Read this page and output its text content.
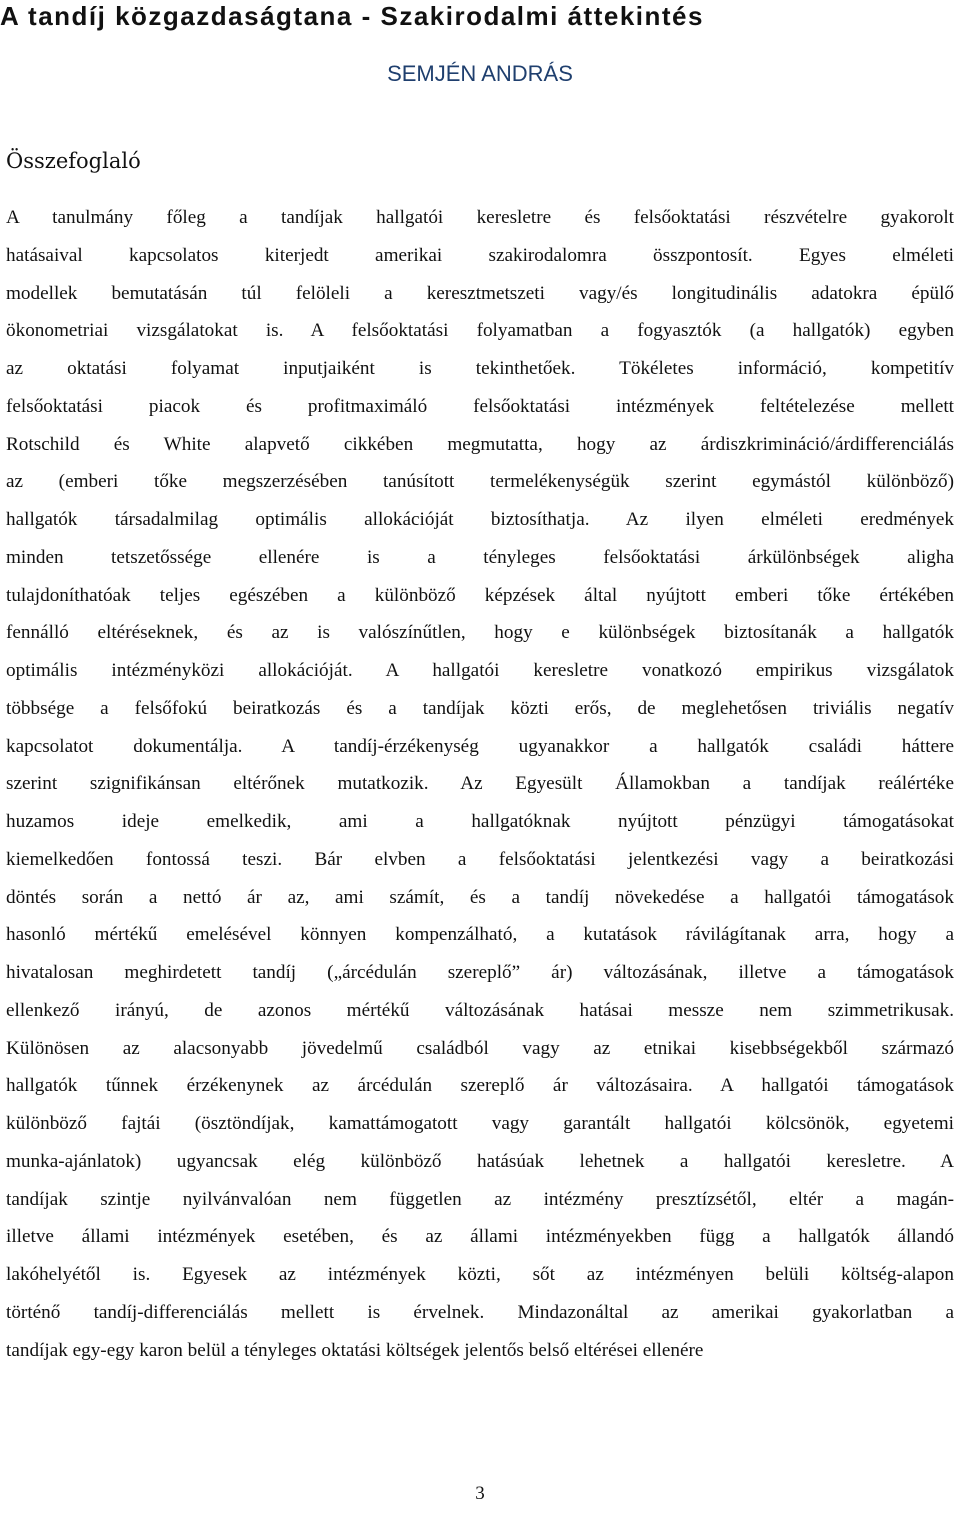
A tandíj közgazdaságtana - Szakirodalmi áttekintés
SEMJÉN ANDRÁS
Összefoglaló
A tanulmány főleg a tandíjak hallgatói keresletre és felsőoktatási részvételre gyakorolt
hatásaival kapcsolatos kiterjedt amerikai szakirodalomra összpontosít. Egyes elméleti
modellek bemutatásán túl felöleli a keresztmetszeti vagy/és longitudinális adatokra épülő
ökonometriai vizsgálatokat is. A felsőoktatási folyamatban a fogyasztók (a hallgatók) egyben
az oktatási folyamat inputjaiként is tekinthetőek. Tökéletes információ, kompetitív
felsőoktatási piacok és profitmaximáló felsőoktatási intézmények feltételezése mellett
Rotschild és White alapvető cikkében megmutatta, hogy az árdiszkrimináció/árdifferenciálás
az (emberi tőke megszerzésében tanúsított termelékenységük szerint egymástól különböző)
hallgatók társadalmilag optimális allokációját biztosíthatja. Az ilyen elméleti eredmények
minden tetszetőssége ellenére is a tényleges felsőoktatási árkülönbségek aligha
tulajdoníthatóak teljes egészében a különböző képzések által nyújtott emberi tőke értékében
fennálló eltéréseknek, és az is valószínűtlen, hogy e különbségek biztosítanák a hallgatók
optimális intézményközi allokációját. A hallgatói keresletre vonatkozó empirikus vizsgálatok
többsége a felsőfokú beiratkozás és a tandíjak közti erős, de meglehetősen triviális negatív
kapcsolatot dokumentálja. A tandíj-érzékenység ugyanakkor a hallgatók családi háttere
szerint szignifikánsan eltérőnek mutatkozik. Az Egyesült Államokban a tandíjak reálértéke
huzamos ideje emelkedik, ami a hallgatóknak nyújtott pénzügyi támogatásokat
kiemelkedően fontossá teszi. Bár elvben a felsőoktatási jelentkezési vagy a beiratkozási
döntés során a nettó ár az, ami számít, és a tandíj növekedése a hallgatói támogatások
hasonló mértékű emelésével könnyen kompenzálható, a kutatások rávilágítanak arra, hogy a
hivatalosan meghirdetett tandíj („árcédulán szereplő” ár) változásának, illetve a támogatások
ellenkező irányú, de azonos mértékű változásának hatásai messze nem szimmetrikusak.
Különösen az alacsonyabb jövedelmű családból vagy az etnikai kisebbségekből származó
hallgatók tűnnek érzékenynek az árcédulán szereplő ár változásaira. A hallgatói támogatások
különböző fajtái (ösztöndíjak, kamattámogatott vagy garantált hallgatói kölcsönök, egyetemi
munka-ajánlatok) ugyancsak elég különböző hatásúak lehetnek a hallgatói keresletre. A
tandíjak szintje nyilvánvalóan nem független az intézmény presztízsétől, eltér a magán-
illetve állami intézmények esetében, és az állami intézményekben függ a hallgatók állandó
lakóhelyétől is. Egyesek az intézmények közti, sőt az intézményen belüli költség-alapon
történő tandíj-differenciálás mellett is érvelnek. Mindazonáltal az amerikai gyakorlatban a
tandíjak egy-egy karon belül a tényleges oktatási költségek jelentős belső eltérései ellenére
3
